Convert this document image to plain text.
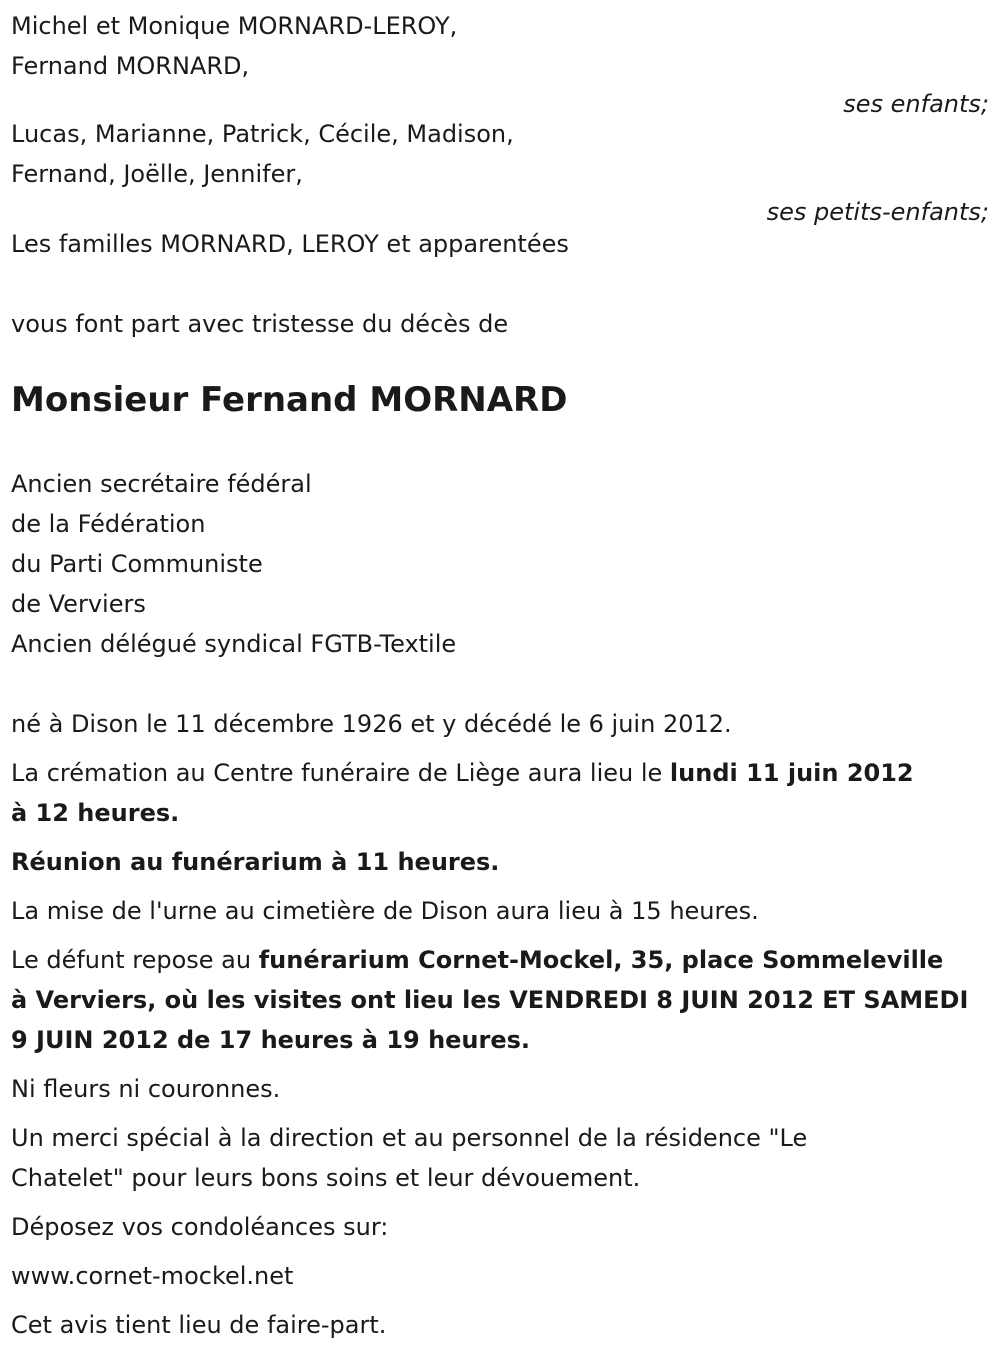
Michel et Monique MORNARD-LEROY,
Fernand MORNARD,
ses enfants;
Lucas, Marianne, Patrick, Cécile, Madison,
Fernand, Joëlle, Jennifer,
ses petits-enfants;
Les familles MORNARD, LEROY et apparentées
vous font part avec tristesse du décès de
Monsieur Fernand MORNARD
Ancien secrétaire fédéral
de la Fédération
du Parti Communiste
de Verviers
Ancien délégué syndical FGTB-Textile
né à Dison le 11 décembre 1926 et y décédé le 6 juin 2012.
La crémation au Centre funéraire de Liège aura lieu le lundi 11 juin 2012
à 12 heures.
Réunion au funérarium à 11 heures.
La mise de l'urne au cimetière de Dison aura lieu à 15 heures.
Le défunt repose au funérarium Cornet-Mockel, 35, place Sommeleville
à Verviers, où les visites ont lieu les VENDREDI 8 JUIN 2012 ET SAMEDI
9 JUIN 2012 de 17 heures à 19 heures.
Ni fleurs ni couronnes.
Un merci spécial à la direction et au personnel de la résidence "Le
Chatelet" pour leurs bons soins et leur dévouement.
Déposez vos condoléances sur:
www.cornet-mockel.net
Cet avis tient lieu de faire-part.
